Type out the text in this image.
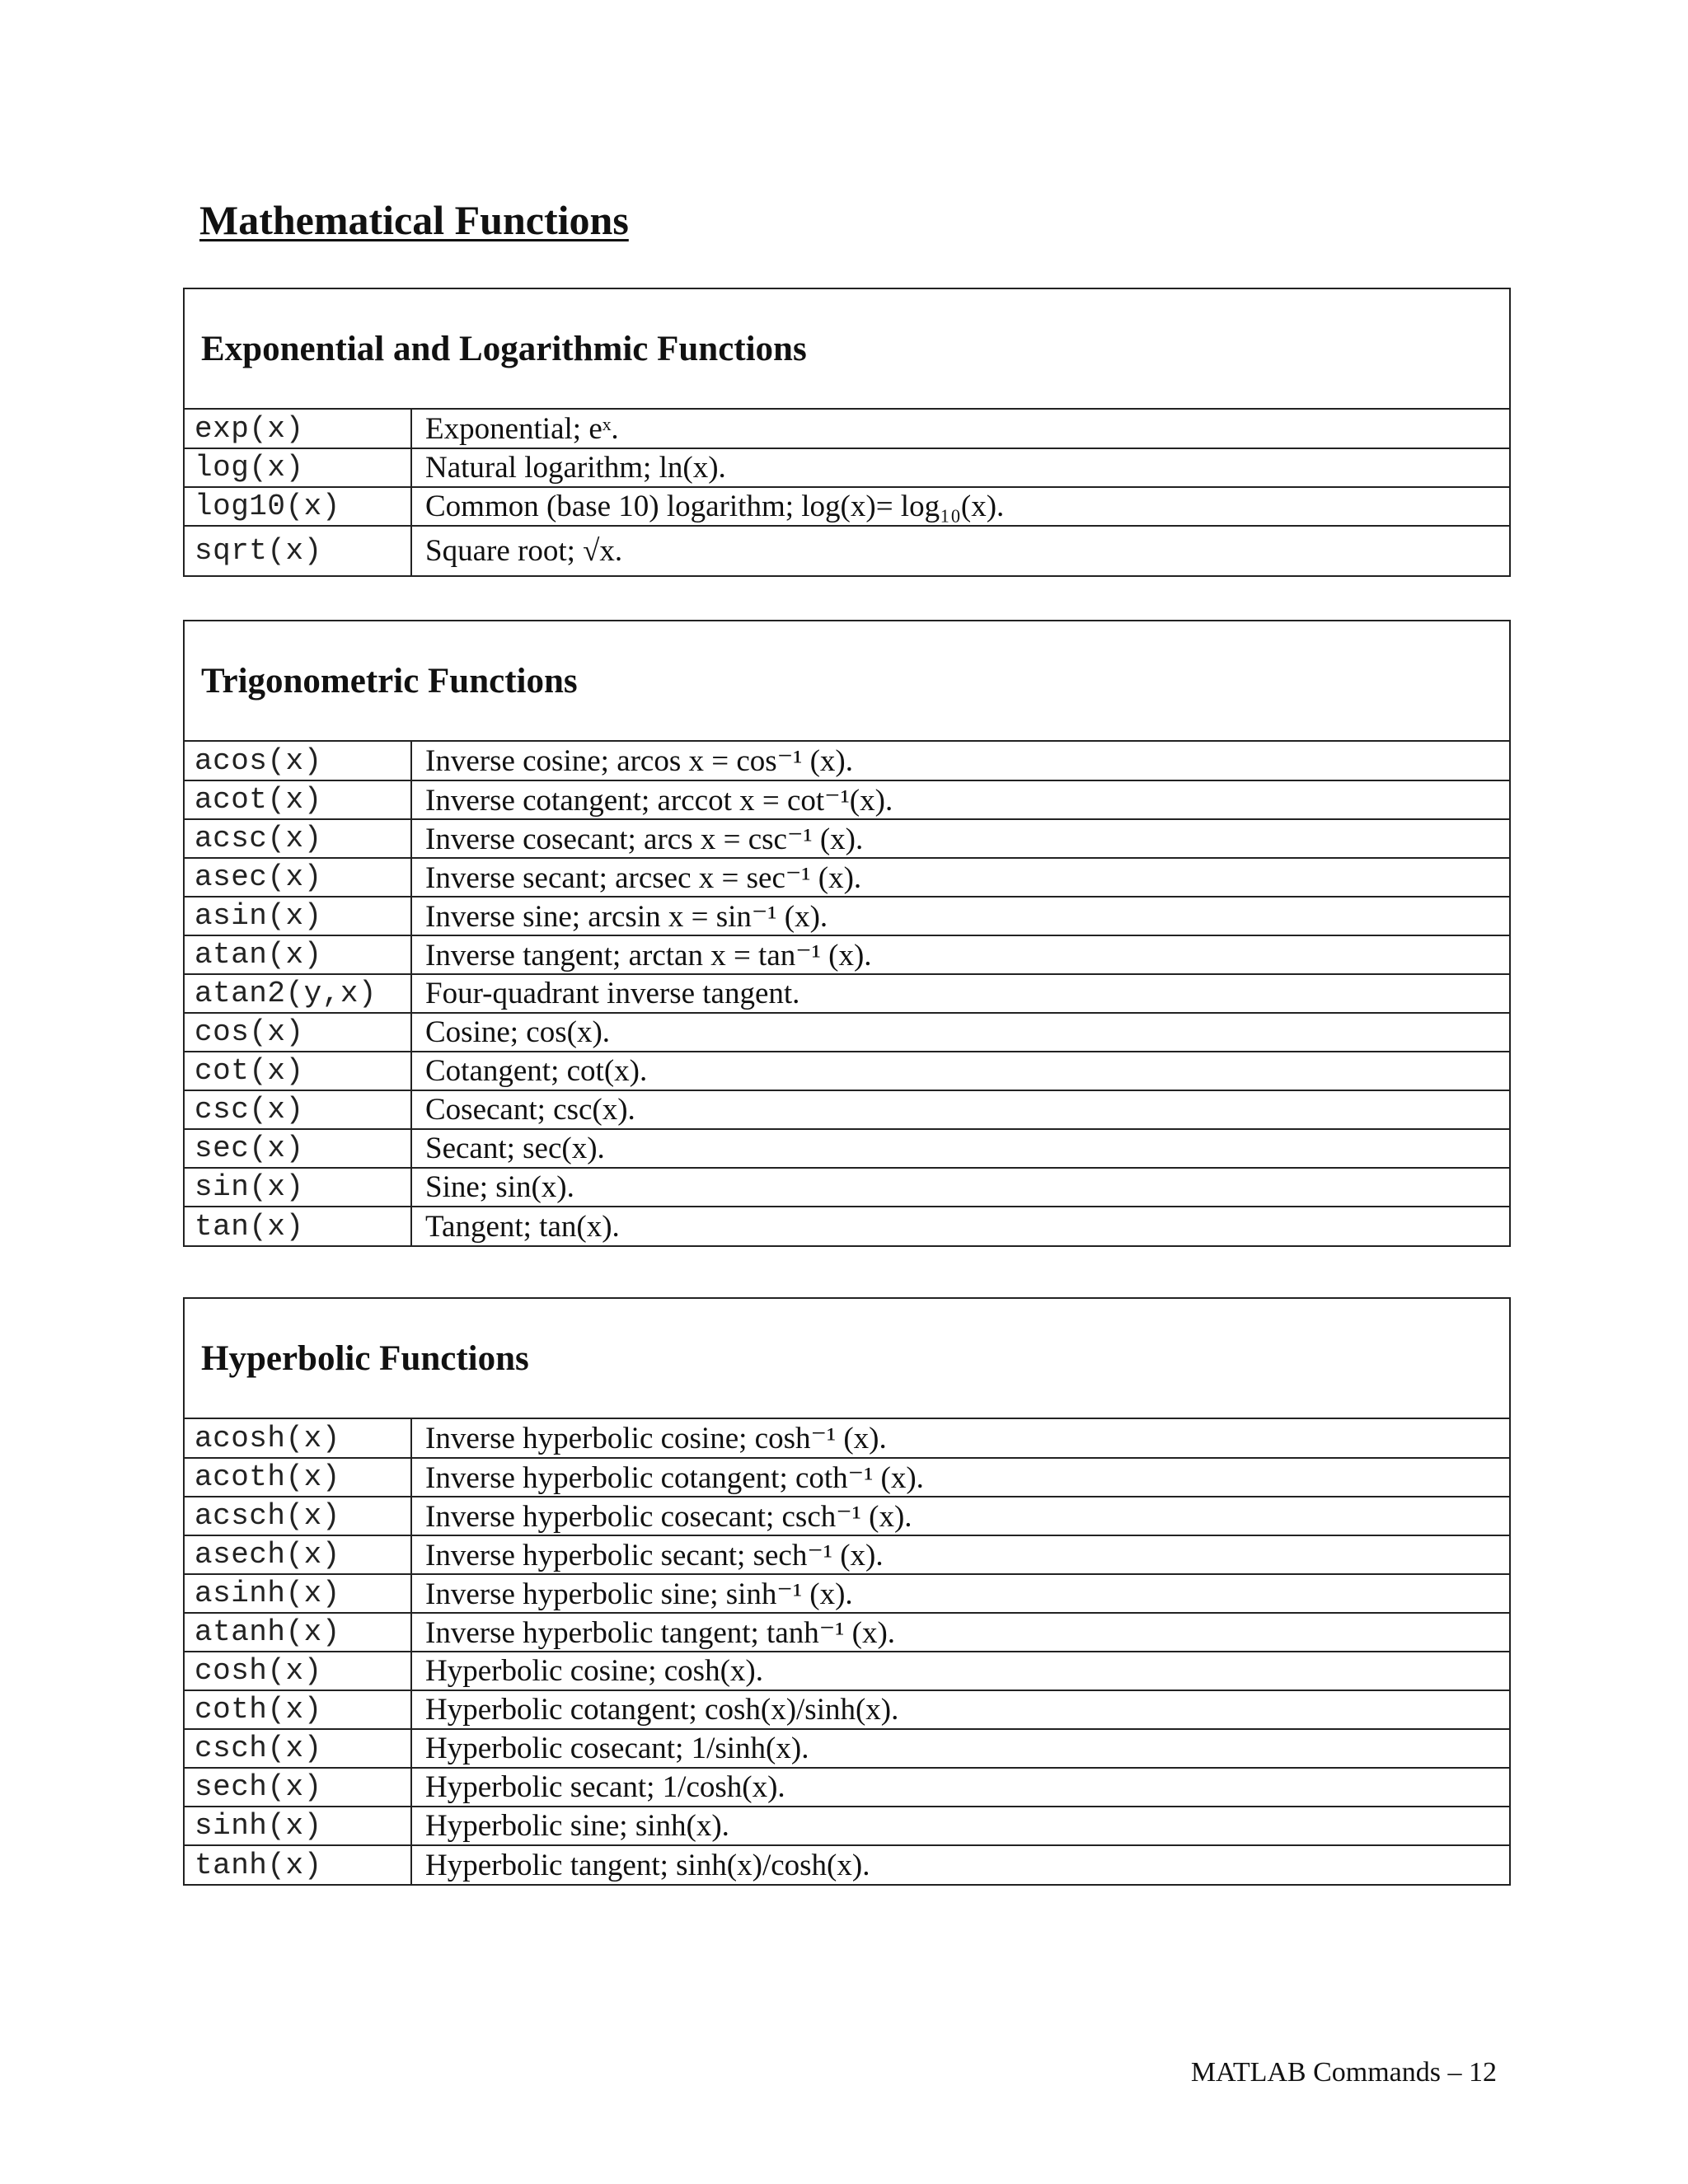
Mathematical Functions
Exponential and Logarithmic Functions
exp(x)	Exponential; eˣ.
log(x)	Natural logarithm; ln(x).
log10(x)	Common (base 10) logarithm; log(x)= log₁₀(x).
sqrt(x)	Square root; √x.
Trigonometric Functions
acos(x)	Inverse cosine; arcos x = cos⁻¹ (x).
acot(x)	Inverse cotangent; arccot x = cot⁻¹(x).
acsc(x)	Inverse cosecant; arcs x = csc⁻¹ (x).
asec(x)	Inverse secant; arcsec x = sec⁻¹ (x).
asin(x)	Inverse sine; arcsin x = sin⁻¹ (x).
atan(x)	Inverse tangent; arctan x = tan⁻¹ (x).
atan2(y,x)	Four-quadrant inverse tangent.
cos(x)	Cosine; cos(x).
cot(x)	Cotangent; cot(x).
csc(x)	Cosecant; csc(x).
sec(x)	Secant; sec(x).
sin(x)	Sine; sin(x).
tan(x)	Tangent; tan(x).
Hyperbolic Functions
acosh(x)	Inverse hyperbolic cosine; cosh⁻¹ (x).
acoth(x)	Inverse hyperbolic cotangent; coth⁻¹ (x).
acsch(x)	Inverse hyperbolic cosecant; csch⁻¹ (x).
asech(x)	Inverse hyperbolic secant; sech⁻¹ (x).
asinh(x)	Inverse hyperbolic sine; sinh⁻¹ (x).
atanh(x)	Inverse hyperbolic tangent; tanh⁻¹ (x).
cosh(x)	Hyperbolic cosine; cosh(x).
coth(x)	Hyperbolic cotangent; cosh(x)/sinh(x).
csch(x)	Hyperbolic cosecant; 1/sinh(x).
sech(x)	Hyperbolic secant; 1/cosh(x).
sinh(x)	Hyperbolic sine; sinh(x).
tanh(x)	Hyperbolic tangent; sinh(x)/cosh(x).
MATLAB Commands – 12
